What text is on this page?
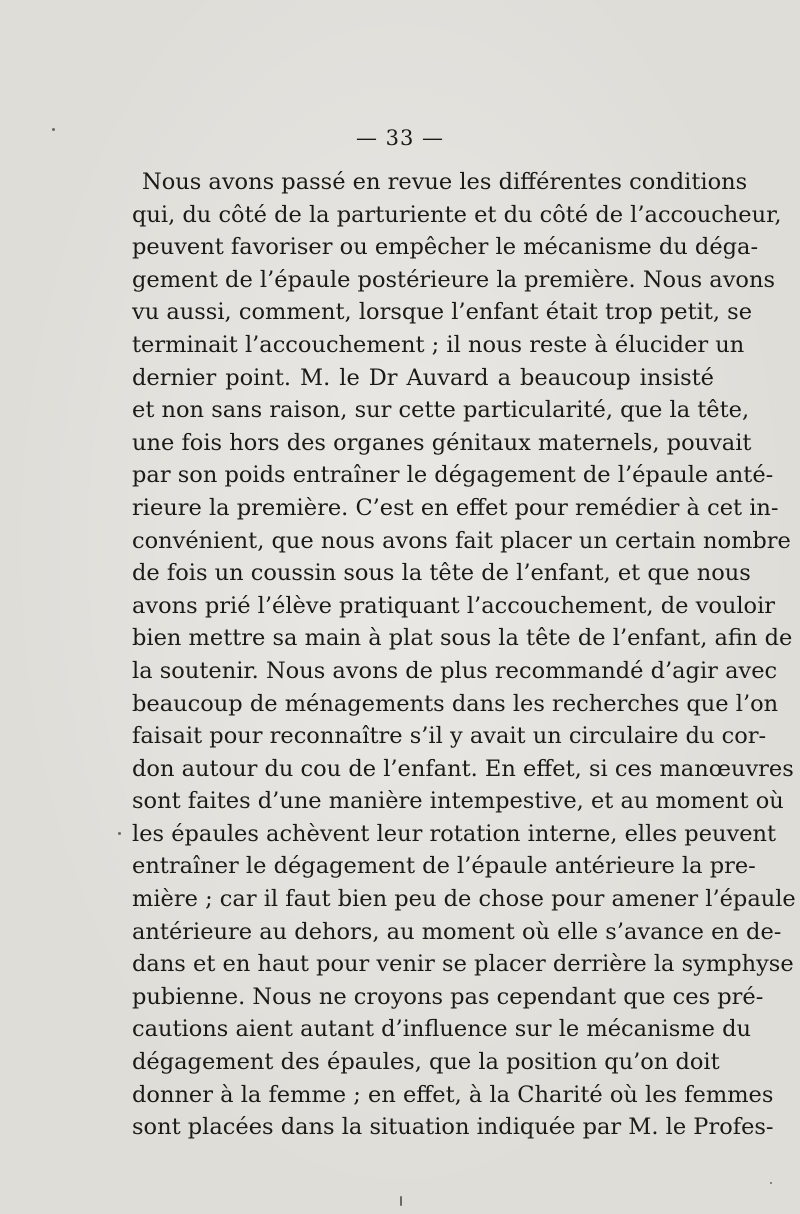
— 33 —
Nous avons passé en revue les différentes conditions
qui, du côté de la parturiente et du côté de l’accoucheur,
peuvent favoriser ou empêcher le mécanisme du dégа-
gement de l’épaule postérieure la première. Nous avons
vu aussi, comment, lorsque l’enfant était trop petit, se
terminait l’accouchement ; il nous reste à élucider un
dernier point. M. le Dr Auvard a beaucoup insisté
et non sans raison, sur cette particularité, que la tête,
une fois hors des organes génitaux maternels, pouvait
par son poids entraîner le dégagement de l’épaule anté-
rieure la première. C’est en effet pour remédier à cet in-
convénient, que nous avons fait placer un certain nombre
de fois un coussin sous la tête de l’enfant, et que nous
avons prié l’élève pratiquant l’accouchement, de vouloir
bien mettre sa main à plat sous la tête de l’enfant, afin de
la soutenir. Nous avons de plus recommandé d’agir avec
beaucoup de ménagements dans les recherches que l’on
faisait pour reconnaître s’il y avait un circulaire du cor-
don autour du cou de l’enfant. En effet, si ces manœuvres
sont faites d’une manière intempestive, et au moment où
les épaules achèvent leur rotation interne, elles peuvent
entraîner le dégagement de l’épaule antérieure la pre-
mière ; car il faut bien peu de chose pour amener l’épaule
antérieure au dehors, au moment où elle s’avance en de-
dans et en haut pour venir se placer derrière la symphyse
pubienne. Nous ne croyons pas cependant que ces pré-
cautions aient autant d’influence sur le mécanisme du
dégagement des épaules, que la position qu’on doit
donner à la femme ; en effet, à la Charité où les femmes
sont placées dans la situation indiquée par M. le Profes-
